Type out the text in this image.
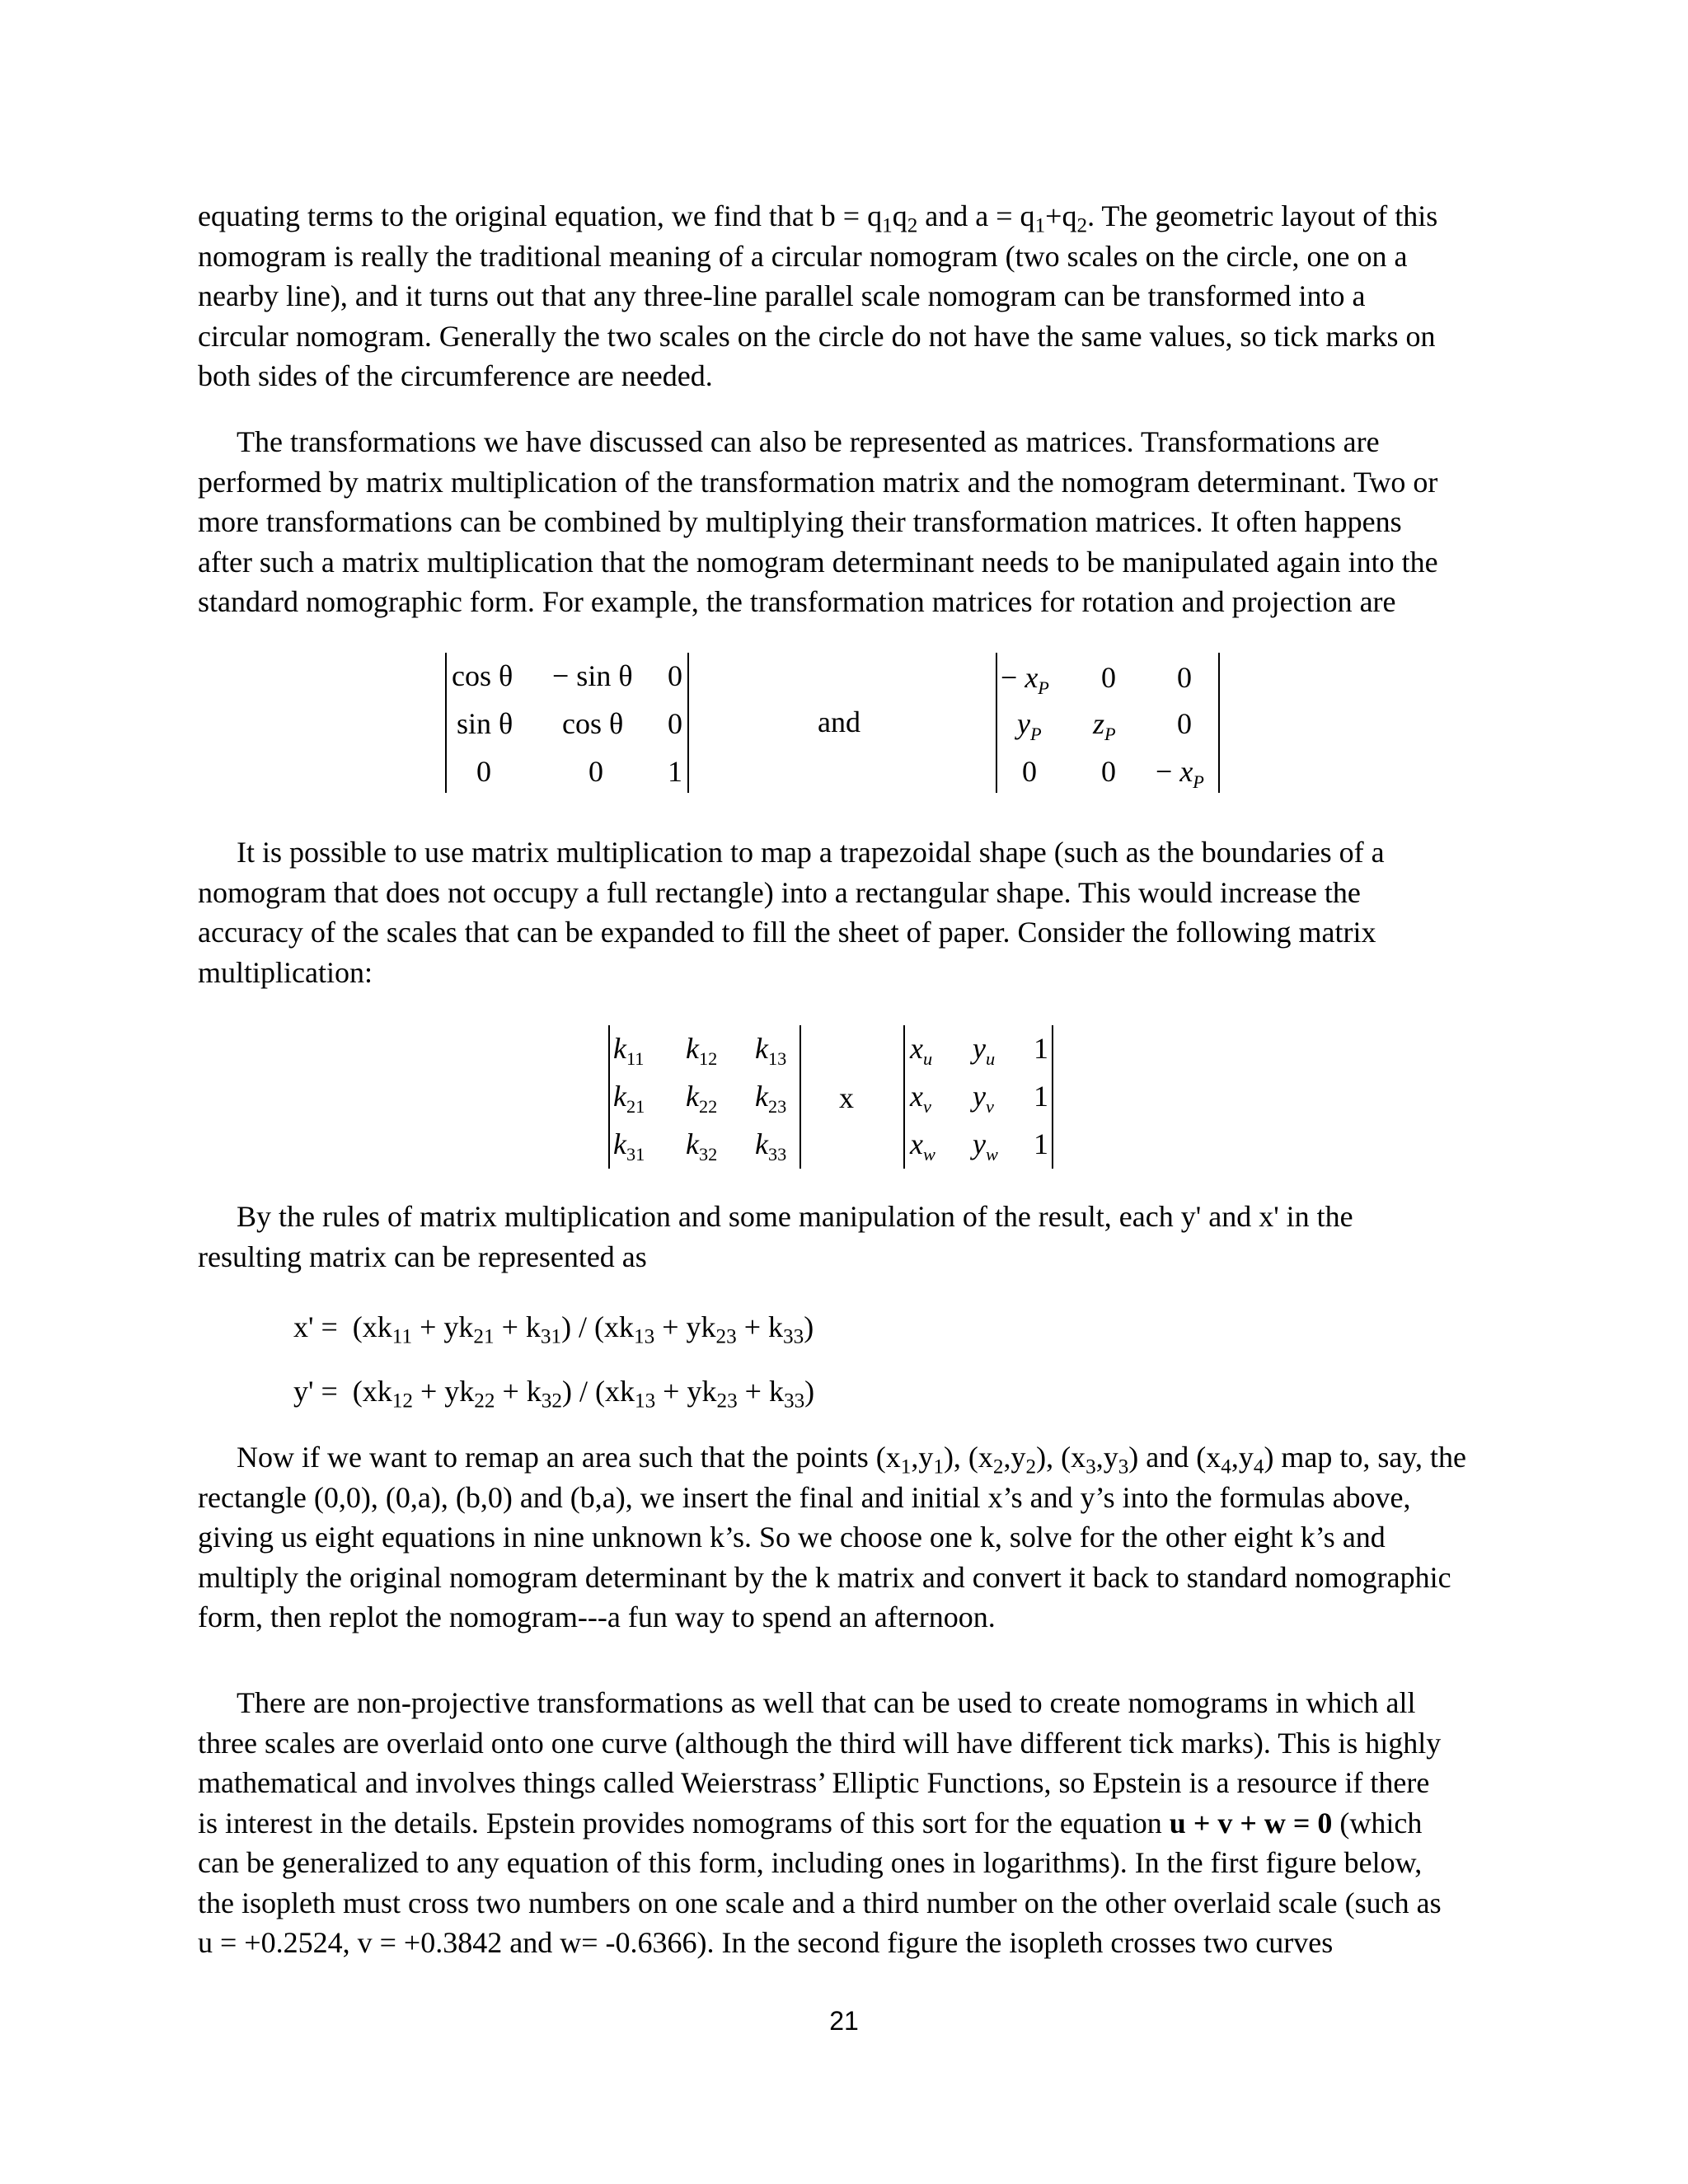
equating terms to the original equation, we find that $b = q_1q_2$ and $a = q_1+q_2$. The geometric layout of this
nomogram is really the traditional meaning of a circular nomogram (two scales on the circle, one on a
nearby line), and it turns out that any three-line parallel scale nomogram can be transformed into a
circular nomogram. Generally the two scales on the circle do not have the same values, so tick marks on
both sides of the circumference are needed.

The transformations we have discussed can also be represented as matrices. Transformations are
performed by matrix multiplication of the transformation matrix and the nomogram determinant. Two or
more transformations can be combined by multiplying their transformation matrices. It often happens
after such a matrix multiplication that the nomogram determinant needs to be manipulated again into the
standard nomographic form. For example, the transformation matrices for rotation and projection are

cos θ − sin θ 0
sin θ cos θ 0
0	0 1
and
− $x_P$ 0 0
$y_P$ $z_P$ 0
0 $0 - x_P$

It is possible to use matrix multiplication to map a trapezoidal shape (such as the boundaries of a
nomogram that does not occupy a full rectangle) into a rectangular shape. This would increase the
accuracy of the scales that can be expanded to fill the sheet of paper. Consider the following matrix
multiplication:

$k_{11}$ $k_{12}$ $k_{13}$
$k_{21}$ $k_{22}$ $k_{23}$
$k_{31}$ $k_{32}$ $k_{33}$
x
$x_u$ $y_u$ 1
$x_v$ $y_v$ 1
$x_w$ $y_w$ 1

By the rules of matrix multiplication and some manipulation of the result, each y' and x' in the
resulting matrix can be represented as

$x' = (xk_{11} + yk_{21} + k_{31}) / (xk_{13} + yk_{23} + k_{33})$
$y' = (xk_{12} + yk_{22} + k_{32}) / (xk_{13} + yk_{23} + k_{33})$

Now if we want to remap an area such that the points $(x_1,y_1)$, $(x_2,y_2)$, $(x_3,y_3)$ and $(x_4,y_4)$ map to, say, the
rectangle (0,0), (0,a), (b,0) and (b,a), we insert the final and initial x’s and y’s into the formulas above,
giving us eight equations in nine unknown k’s. So we choose one k, solve for the other eight k’s and
multiply the original nomogram determinant by the k matrix and convert it back to standard nomographic
form, then replot the nomogram---a fun way to spend an afternoon.

There are non-projective transformations as well that can be used to create nomograms in which all
three scales are overlaid onto one curve (although the third will have different tick marks). This is highly
mathematical and involves things called Weierstrass’ Elliptic Functions, so Epstein is a resource if there
is interest in the details. Epstein provides nomograms of this sort for the equation u + v + w = 0 (which
can be generalized to any equation of this form, including ones in logarithms). In the first figure below,
the isopleth must cross two numbers on one scale and a third number on the other overlaid scale (such as
u = +0.2524, v = +0.3842 and w= -0.6366). In the second figure the isopleth crosses two curves

21
